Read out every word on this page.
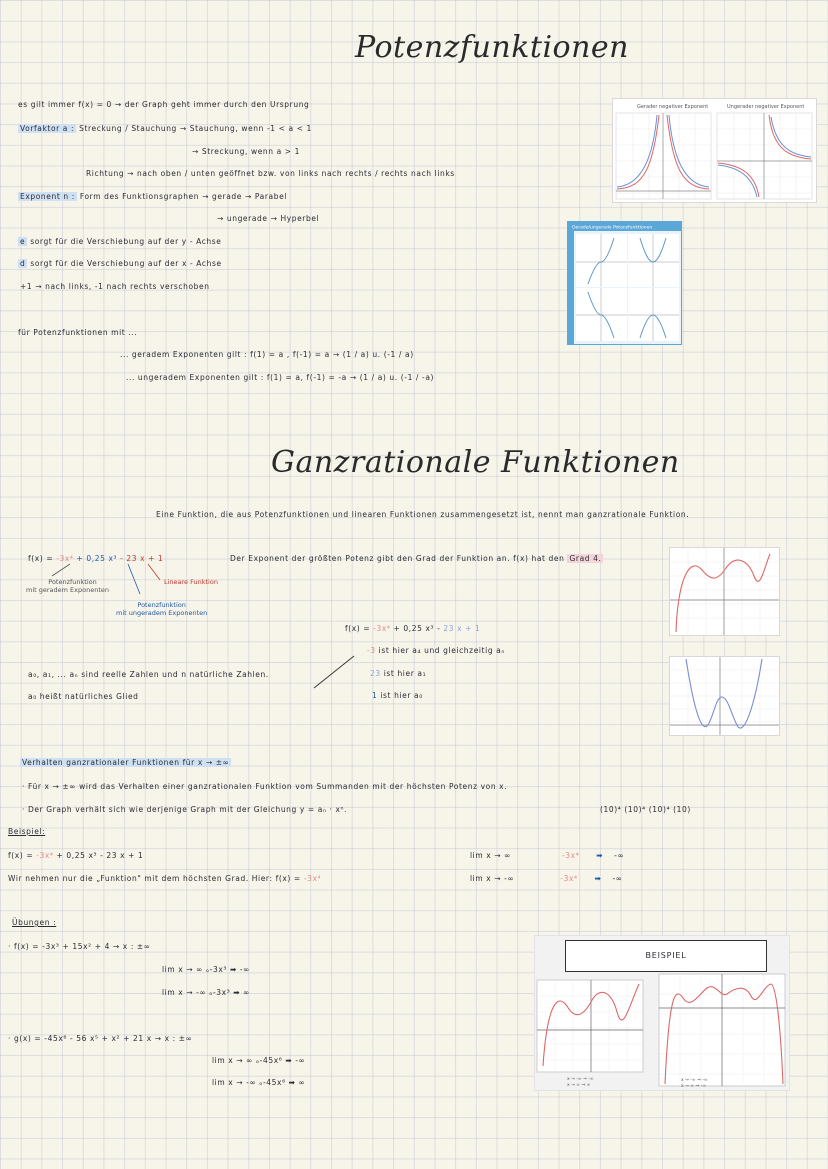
Potenzfunktionen
es gilt immer f(x) = 0 → der Graph geht immer durch den Ursprung
Vorfaktor a : Streckung / Stauchung → Stauchung, wenn -1 < a < 1
→ Streckung, wenn a > 1
Richtung → nach oben / unten geöffnet bzw. von links nach rechts / rechts nach links
Exponent n : Form des Funktionsgraphen → gerade → Parabel
→ ungerade → Hyperbel
e sorgt für die Verschiebung auf der y - Achse
d sorgt für die Verschiebung auf der x - Achse
+1 → nach links, -1 nach rechts verschoben
für Potenzfunktionen mit ...
... geradem Exponenten gilt : f(1) = a , f(-1) = a → (1 / a) u. (-1 / a)
... ungeradem Exponenten gilt : f(1) = a, f(-1) = -a → (1 / a) u. (-1 / -a)
Gerader negativer Exponent	Ungerader negativer Exponent
Gerade/ungerade Potenzfunktionen
Ganzrationale Funktionen
Eine Funktion, die aus Potenzfunktionen und linearen Funktionen zusammengesetzt ist, nennt man ganzrationale Funktion.
f(x) = -3x⁴ + 0,25 x³ - 23 x + 1	Der Exponent der größten Potenz gibt den Grad der Funktion an. f(x) hat den Grad 4.
Potenzfunktion
mit geradem Exponenten
Lineare Funktion
Potenzfunktion
mit ungeradem Exponenten
f(x) = -3x⁴ + 0,25 x³ - 23 x + 1
-3 ist hier a₄ und gleichzeitig aₙ
23 ist hier a₁
1 ist hier a₀
a₀, a₁, ... aₙ sind reelle Zahlen und n natürliche Zahlen.
a₀ heißt natürliches Glied
Verhalten ganzrationaler Funktionen für x → ±∞
· Für x → ±∞ wird das Verhalten einer ganzrationalen Funktion vom Summanden mit der höchsten Potenz von x.
· Der Graph verhält sich wie derjenige Graph mit der Gleichung y = aₙ · xⁿ.	(10)⁴ (10)⁴ (10)⁴ (10)
Beispiel:
f(x) = -3x⁴ + 0,25 x³ - 23 x + 1
Wir nehmen nur die „Funktion" mit dem höchsten Grad. Hier: f(x) = -3x⁴
lim x → ∞	-3x⁴ ➡ -∞
lim x → -∞	-3x⁴ ➡ -∞
Übungen :
· f(x) = -3x³ + 15x² + 4 → x : ±∞
lim x → ∞ ₒ-3x³ ➡ -∞
lim x → -∞ ₒ-3x³ ➡ ∞
· g(x) = -45x⁶ - 56 x⁵ + x² + 21 x → x : ±∞
lim x → ∞ ₒ-45x⁶ ➡ -∞
lim x → -∞ ₒ-45x⁶ ➡ ∞
BEISPIEL
x → -∞ ⇒ -∞
x → ∞ ⇒ ∞
x → -∞ ⇒ -∞
x → ∞ ⇒ -∞
